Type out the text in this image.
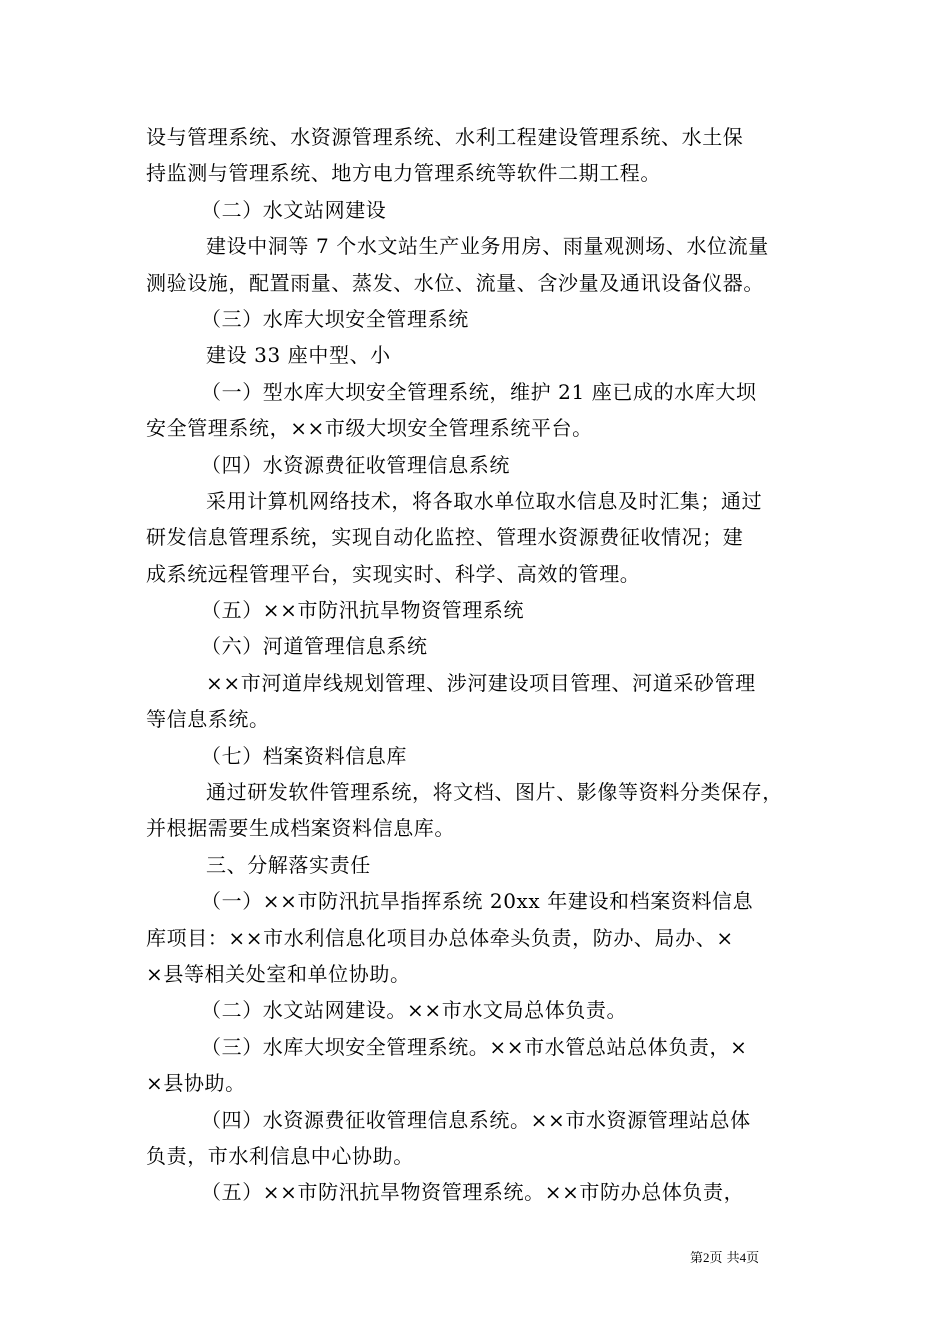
设与管理系统、水资源管理系统、水利工程建设管理系统、水土保
持监测与管理系统、地方电力管理系统等软件二期工程。
（二）水文站网建设
建设中洞等 7 个水文站生产业务用房、雨量观测场、水位流量
测验设施，配置雨量、蒸发、水位、流量、含沙量及通讯设备仪器。
（三）水库大坝安全管理系统
建设 33 座中型、小
（一）型水库大坝安全管理系统，维护 21 座已成的水库大坝
安全管理系统，××市级大坝安全管理系统平台。
（四）水资源费征收管理信息系统
采用计算机网络技术，将各取水单位取水信息及时汇集；通过
研发信息管理系统，实现自动化监控、管理水资源费征收情况；建
成系统远程管理平台，实现实时、科学、高效的管理。
（五）××市防汛抗旱物资管理系统
（六）河道管理信息系统
××市河道岸线规划管理、涉河建设项目管理、河道采砂管理
等信息系统。
（七）档案资料信息库
通过研发软件管理系统，将文档、图片、影像等资料分类保存，
并根据需要生成档案资料信息库。
三、分解落实责任
（一）××市防汛抗旱指挥系统 20xx 年建设和档案资料信息
库项目：××市水利信息化项目办总体牵头负责，防办、局办、×
×县等相关处室和单位协助。
（二）水文站网建设。××市水文局总体负责。
（三）水库大坝安全管理系统。××市水管总站总体负责，×
×县协助。
（四）水资源费征收管理信息系统。××市水资源管理站总体
负责，市水利信息中心协助。
（五）××市防汛抗旱物资管理系统。××市防办总体负责，
第2页 共4页
